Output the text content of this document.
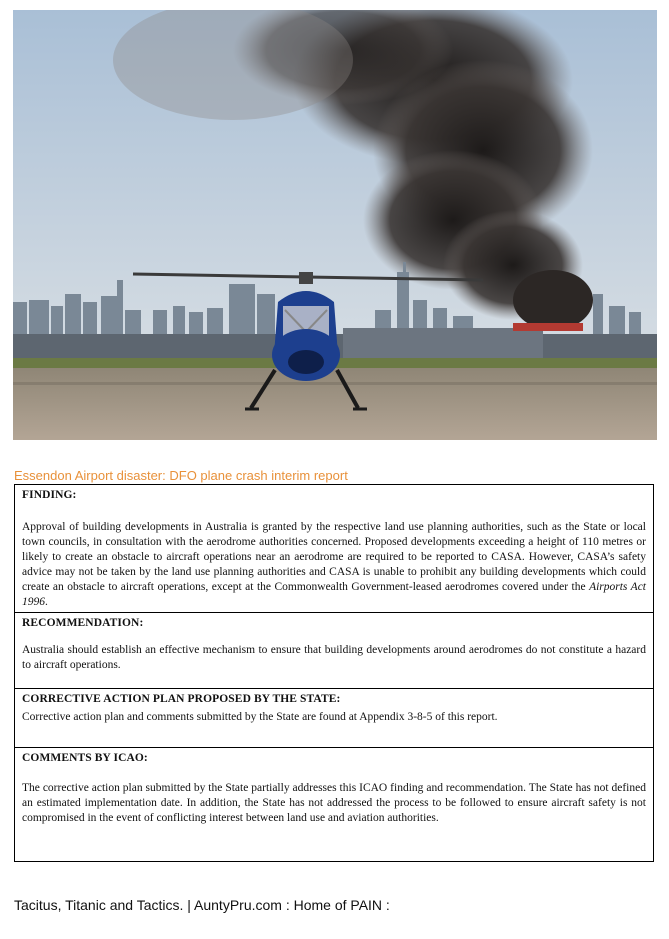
Essendon Airport disaster: DFO plane crash interim report
FINDING:

Approval of building developments in Australia is granted by the respective land use planning authorities, such as the State or local town councils, in consultation with the aerodrome authorities concerned. Proposed developments exceeding a height of 110 metres or likely to create an obstacle to aircraft operations near an aerodrome are required to be reported to CASA. However, CASA’s safety advice may not be taken by the land use planning authorities and CASA is unable to prohibit any building developments which could create an obstacle to aircraft operations, except at the Commonwealth Government-leased aerodromes covered under the Airports Act 1996.

RECOMMENDATION:

Australia should establish an effective mechanism to ensure that building developments around aerodromes do not constitute a hazard to aircraft operations.

CORRECTIVE ACTION PLAN PROPOSED BY THE STATE:

Corrective action plan and comments submitted by the State are found at Appendix 3-8-5 of this report.

COMMENTS BY ICAO:

The corrective action plan submitted by the State partially addresses this ICAO finding and recommendation. The State has not defined an estimated implementation date. In addition, the State has not addressed the process to be followed to ensure aircraft safety is not compromised in the event of conflicting interest between land use and aviation authorities.

Tacitus, Titanic and Tactics. | AuntyPru.com : Home of PAIN :
